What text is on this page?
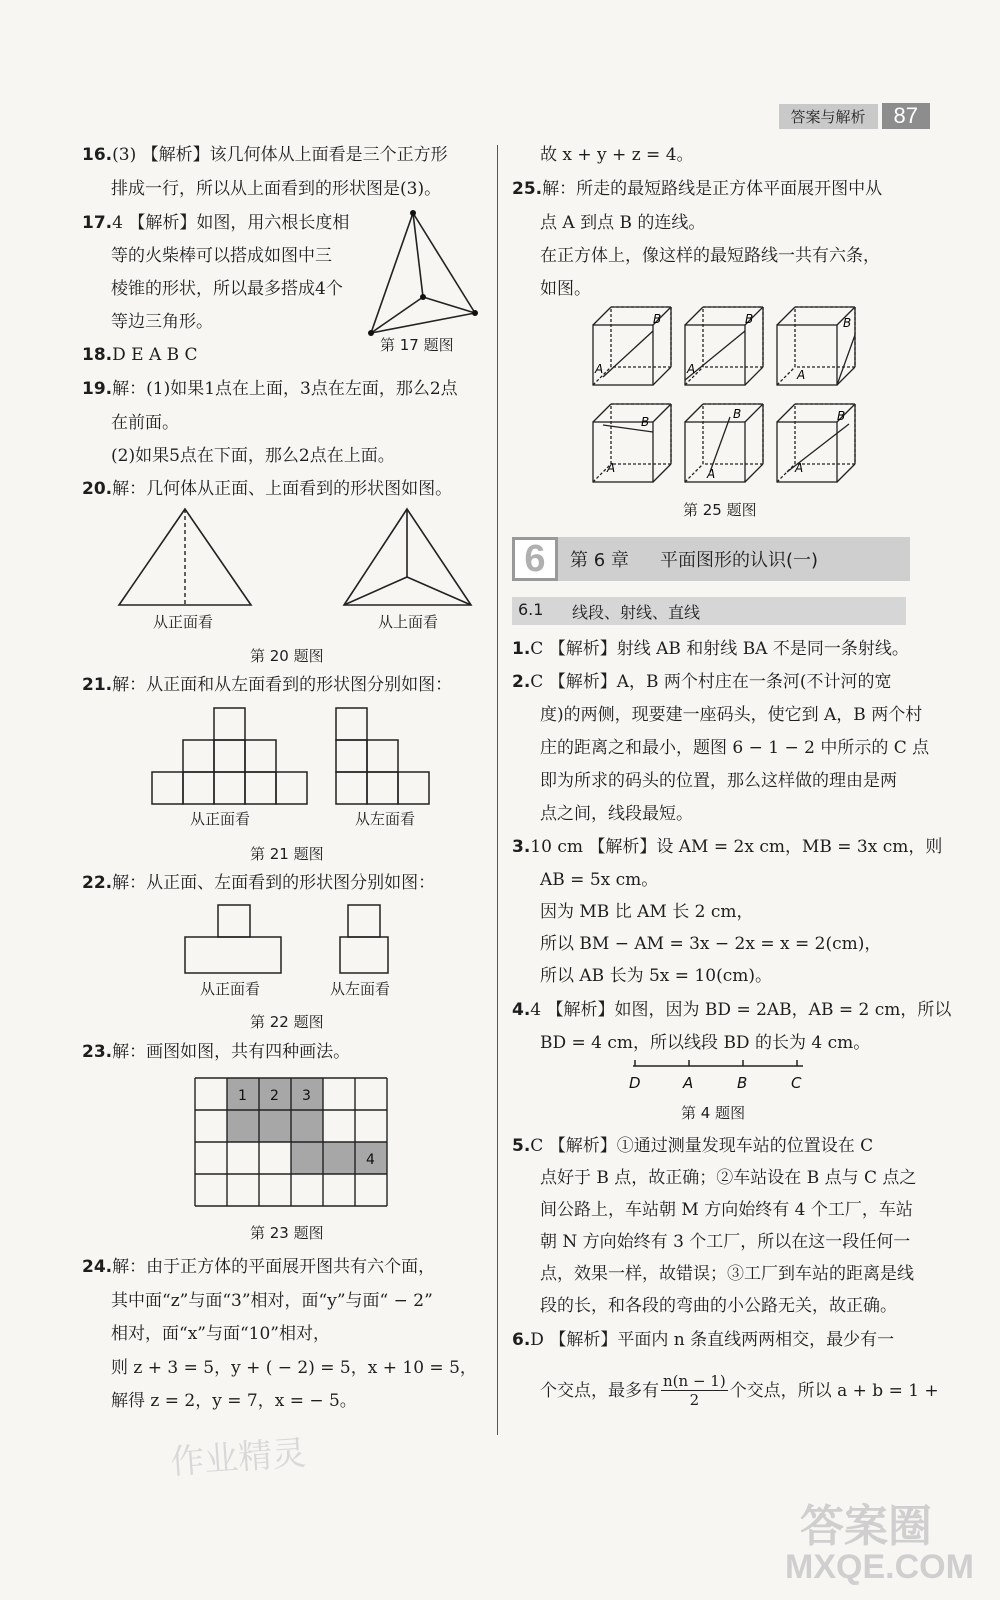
答案与解析	87
16.(3) 【解析】该几何体从上面看是三个正方形
排成一行，所以从上面看到的形状图是(3)。
17.4 【解析】如图，用六根长度相
等的火柴棒可以搭成如图中三
棱锥的形状，所以最多搭成4个
等边三角形。
第 17 题图
18.D E A B C
19.解：(1)如果1点在上面，3点在左面，那么2点
在前面。
(2)如果5点在下面，那么2点在上面。
20.解：几何体从正面、上面看到的形状图如图。
从正面看	从上面看
第 20 题图
21.解：从正面和从左面看到的形状图分别如图：
从正面看	从左面看
第 21 题图
22.解：从正面、左面看到的形状图分别如图：
从正面看	从左面看
第 22 题图
23.解：画图如图，共有四种画法。
1 2 3
4
第 23 题图
24.解：由于正方体的平面展开图共有六个面，
其中面“z”与面“3”相对，面“y”与面“ − 2”
相对，面“x”与面“10”相对，
则 z + 3 = 5，y + ( − 2) = 5，x + 10 = 5，
解得 z = 2，y = 7，x = − 5。
作业精灵
故 x + y + z = 4。
25.解：所走的最短路线是正方体平面展开图中从
点 A 到点 B 的连线。
在正方体上，像这样的最短路线一共有六条，
如图。
A
B
A
B	B
A
B
A
B
A
B
A
第 25 题图
6	第 6 章 平面图形的认识(一)
6.1 线段、射线、直线
1.C 【解析】射线 AB 和射线 BA 不是同一条射线。
2.C 【解析】A，B 两个村庄在一条河(不计河的宽
度)的两侧，现要建一座码头，使它到 A，B 两个村
庄的距离之和最小，题图 6 − 1 − 2 中所示的 C 点
即为所求的码头的位置，那么这样做的理由是两
点之间，线段最短。
3.10 cm 【解析】设 AM = 2x cm，MB = 3x cm，则
AB = 5x cm。
因为 MB 比 AM 长 2 cm，
所以 BM − AM = 3x − 2x = x = 2(cm)，
所以 AB 长为 5x = 10(cm)。
4.4 【解析】如图，因为 BD = 2AB，AB = 2 cm，所以
BD = 4 cm，所以线段 BD 的长为 4 cm。
D	A	B	C
第 4 题图
5.C 【解析】①通过测量发现车站的位置设在 C
点好于 B 点，故正确；②车站设在 B 点与 C 点之
间公路上，车站朝 M 方向始终有 4 个工厂，车站
朝 N 方向始终有 3 个工厂，所以在这一段任何一
点，效果一样，故错误；③工厂到车站的距离是线
段的长，和各段的弯曲的小公路无关，故正确。
6.D 【解析】平面内 n 条直线两两相交，最少有一
个交点，最多有 n(n − 1)
2 个交点，所以 a + b = 1 +
答案圈
MXQE.COM
